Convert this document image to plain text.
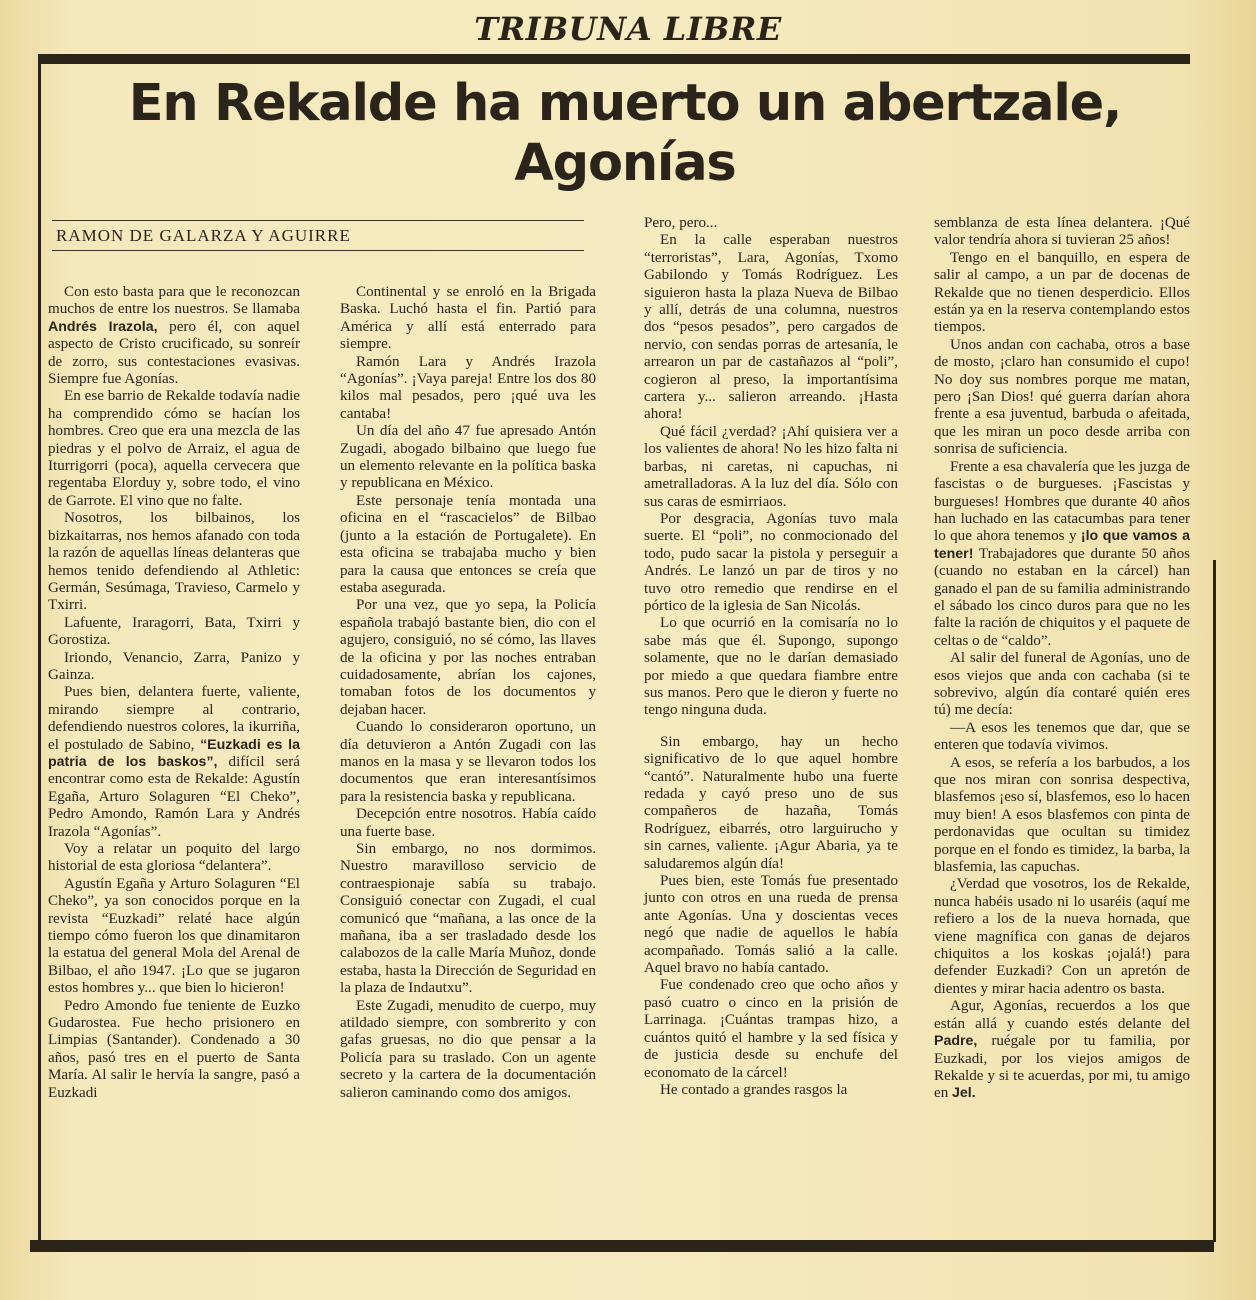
TRIBUNA LIBRE
En Rekalde ha muerto un abertzale,
Agonías
RAMON DE GALARZA Y AGUIRRE

Con esto basta para que le reconozcan muchos de entre los nuestros. Se llamaba Andrés Irazola, pero él, con aquel aspecto de Cristo crucificado, su sonreír de zorro, sus contestaciones evasivas. Siempre fue Agonías.

En ese barrio de Rekalde todavía nadie ha comprendido cómo se hacían los hombres. Creo que era una mezcla de las piedras y el polvo de Arraiz, el agua de Iturrigorri (poca), aquella cervecera que regentaba Elorduy y, sobre todo, el vino de Garrote. El vino que no falte.

Nosotros, los bilbainos, los bizkaitarras, nos hemos afanado con toda la razón de aquellas líneas delanteras que hemos tenido defendiendo al Athletic: Germán, Sesúmaga, Travieso, Carmelo y Txirri.

Lafuente, Iraragorri, Bata, Txirri y Gorostiza.

Iriondo, Venancio, Zarra, Panizo y Gainza.

Pues bien, delantera fuerte, valiente, mirando siempre al contrario, defendiendo nuestros colores, la ikurriña, el postulado de Sabino, “Euzkadi es la patria de los baskos”, difícil será encontrar como esta de Rekalde: Agustín Egaña, Arturo Solaguren “El Cheko”, Pedro Amondo, Ramón Lara y Andrés Irazola “Agonías”.

Voy a relatar un poquito del largo historial de esta gloriosa “delantera”.

Agustín Egaña y Arturo Solaguren “El Cheko”, ya son conocidos porque en la revista “Euzkadi” relaté hace algún tiempo cómo fueron los que dinamitaron la estatua del general Mola del Arenal de Bilbao, el año 1947. ¡Lo que se jugaron estos hombres y... que bien lo hicieron!

Pedro Amondo fue teniente de Euzko Gudarostea. Fue hecho prisionero en Limpias (Santander). Condenado a 30 años, pasó tres en el puerto de Santa María. Al salir le hervía la sangre, pasó a Euzkadi

Continental y se enroló en la Brigada Baska. Luchó hasta el fin. Partió para América y allí está enterrado para siempre.

Ramón Lara y Andrés Irazola “Agonías”. ¡Vaya pareja! Entre los dos 80 kilos mal pesados, pero ¡qué uva les cantaba!

Un día del año 47 fue apresado Antón Zugadi, abogado bilbaino que luego fue un elemento relevante en la política baska y republicana en México.

Este personaje tenía montada una oficina en el “rascacielos” de Bilbao (junto a la estación de Portugalete). En esta oficina se trabajaba mucho y bien para la causa que entonces se creía que estaba asegurada.

Por una vez, que yo sepa, la Policía española trabajó bastante bien, dio con el agujero, consiguió, no sé cómo, las llaves de la oficina y por las noches entraban cuidadosamente, abrían los cajones, tomaban fotos de los documentos y dejaban hacer.

Cuando lo consideraron oportuno, un día detuvieron a Antón Zugadi con las manos en la masa y se llevaron todos los documentos que eran interesantísimos para la resistencia baska y republicana.

Decepción entre nosotros. Había caído una fuerte base.

Sin embargo, no nos dormimos. Nuestro maravilloso servicio de contraespionaje sabía su trabajo. Consiguió conectar con Zugadi, el cual comunicó que “mañana, a las once de la mañana, iba a ser trasladado desde los calabozos de la calle María Muñoz, donde estaba, hasta la Dirección de Seguridad en la plaza de Indautxu”.

Este Zugadi, menudito de cuerpo, muy atildado siempre, con sombrerito y con gafas gruesas, no dio que pensar a la Policía para su traslado. Con un agente secreto y la cartera de la documentación salieron caminando como dos amigos.

Pero, pero...

En la calle esperaban nuestros “terroristas”, Lara, Agonías, Txomo Gabilondo y Tomás Rodríguez. Les siguieron hasta la plaza Nueva de Bilbao y allí, detrás de una columna, nuestros dos “pesos pesados”, pero cargados de nervio, con sendas porras de artesanía, le arrearon un par de castañazos al “poli”, cogieron al preso, la importantísima cartera y... salieron arreando. ¡Hasta ahora!

Qué fácil ¿verdad? ¡Ahí quisiera ver a los valientes de ahora! No les hizo falta ni barbas, ni caretas, ni capuchas, ni ametralladoras. A la luz del día. Sólo con sus caras de esmirriaos.

Por desgracia, Agonías tuvo mala suerte. El “poli”, no conmocionado del todo, pudo sacar la pistola y perseguir a Andrés. Le lanzó un par de tiros y no tuvo otro remedio que rendirse en el pórtico de la iglesia de San Nicolás.

Lo que ocurrió en la comisaría no lo sabe más que él. Supongo, supongo solamente, que no le darían demasiado por miedo a que quedara fiambre entre sus manos. Pero que le dieron y fuerte no tengo ninguna duda.

Sin embargo, hay un hecho significativo de lo que aquel hombre “cantó”. Naturalmente hubo una fuerte redada y cayó preso uno de sus compañeros de hazaña, Tomás Rodríguez, eibarrés, otro larguirucho y sin carnes, valiente. ¡Agur Abaria, ya te saludaremos algún día!

Pues bien, este Tomás fue presentado junto con otros en una rueda de prensa ante Agonías. Una y doscientas veces negó que nadie de aquellos le había acompañado. Tomás salió a la calle. Aquel bravo no había cantado.

Fue condenado creo que ocho años y pasó cuatro o cinco en la prisión de Larrinaga. ¡Cuántas trampas hizo, a cuántos quitó el hambre y la sed física y de justicia desde su enchufe del economato de la cárcel!

He contado a grandes rasgos la

semblanza de esta línea delantera. ¡Qué valor tendría ahora si tuvieran 25 años!

Tengo en el banquillo, en espera de salir al campo, a un par de docenas de Rekalde que no tienen desperdicio. Ellos están ya en la reserva contemplando estos tiempos.

Unos andan con cachaba, otros a base de mosto, ¡claro han consumido el cupo! No doy sus nombres porque me matan, pero ¡San Dios! qué guerra darían ahora frente a esa juventud, barbuda o afeitada, que les miran un poco desde arriba con sonrisa de suficiencia.

Frente a esa chavalería que les juzga de fascistas o de burgueses. ¡Fascistas y burgueses! Hombres que durante 40 años han luchado en las catacumbas para tener lo que ahora tenemos y ¡lo que vamos a tener! Trabajadores que durante 50 años (cuando no estaban en la cárcel) han ganado el pan de su familia administrando el sábado los cinco duros para que no les falte la ración de chiquitos y el paquete de celtas o de “caldo”.

Al salir del funeral de Agonías, uno de esos viejos que anda con cachaba (si te sobrevivo, algún día contaré quién eres tú) me decía:

—A esos les tenemos que dar, que se enteren que todavía vivimos.

A esos, se refería a los barbudos, a los que nos miran con sonrisa despectiva, blasfemos ¡eso sí, blasfemos, eso lo hacen muy bien! A esos blasfemos con pinta de perdonavidas que ocultan su timidez porque en el fondo es timidez, la barba, la blasfemia, las capuchas.

¿Verdad que vosotros, los de Rekalde, nunca habéis usado ni lo usaréis (aquí me refiero a los de la nueva hornada, que viene magnífica con ganas de dejaros chiquitos a los koskas ¡ojalá!) para defender Euzkadi? Con un apretón de dientes y mirar hacia adentro os basta.

Agur, Agonías, recuerdos a los que están allá y cuando estés delante del Padre, ruégale por tu familia, por Euzkadi, por los viejos amigos de Rekalde y si te acuerdas, por mi, tu amigo en Jel.
